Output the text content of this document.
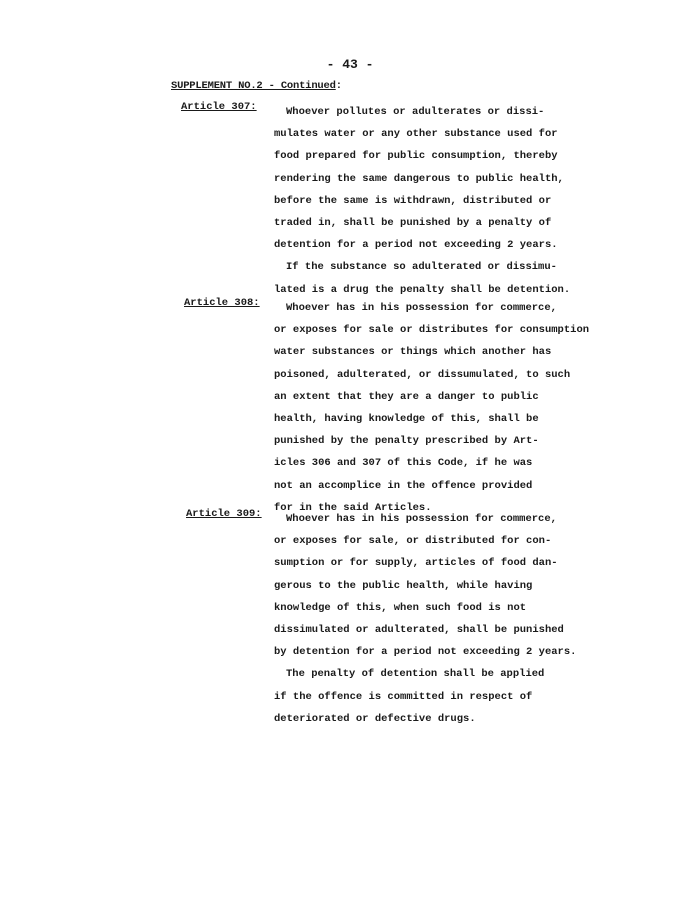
- 43 -
SUPPLEMENT NO.2 - Continued:
Article 307:	Whoever pollutes or adulterates or dissi-
mulates water or any other substance used for
food prepared for public consumption, thereby
rendering the same dangerous to public health,
before the same is withdrawn, distributed or
traded in, shall be punished by a penalty of
detention for a period not exceeding 2 years.
If the substance so adulterated or dissimu-
lated is a drug the penalty shall be detention.
Article 308:	Whoever has in his possession for commerce,
or exposes for sale or distributes for consumption
water substances or things which another has
poisoned, adulterated, or dissumulated, to such
an extent that they are a danger to public
health, having knowledge of this, shall be
punished by the penalty prescribed by Art-
icles 306 and 307 of this Code, if he was
not an accomplice in the offence provided
for in the said Articles.
Article 309:	Whoever has in his possession for commerce,
or exposes for sale, or distributed for con-
sumption or for supply, articles of food dan-
gerous to the public health, while having
knowledge of this, when such food is not
dissimulated or adulterated, shall be punished
by detention for a period not exceeding 2 years.
The penalty of detention shall be applied
if the offence is committed in respect of
deteriorated or defective drugs.
